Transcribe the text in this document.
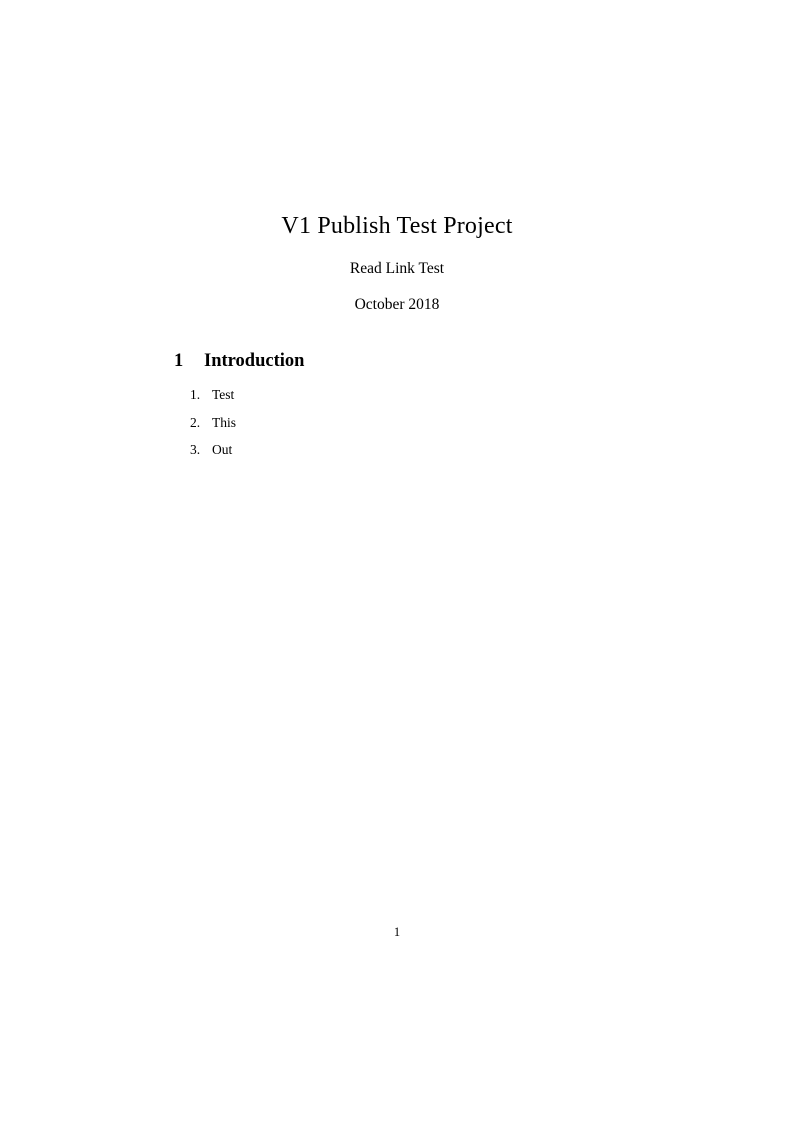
V1 Publish Test Project
Read Link Test
October 2018
1	Introduction
1. Test
2. This
3. Out
1
